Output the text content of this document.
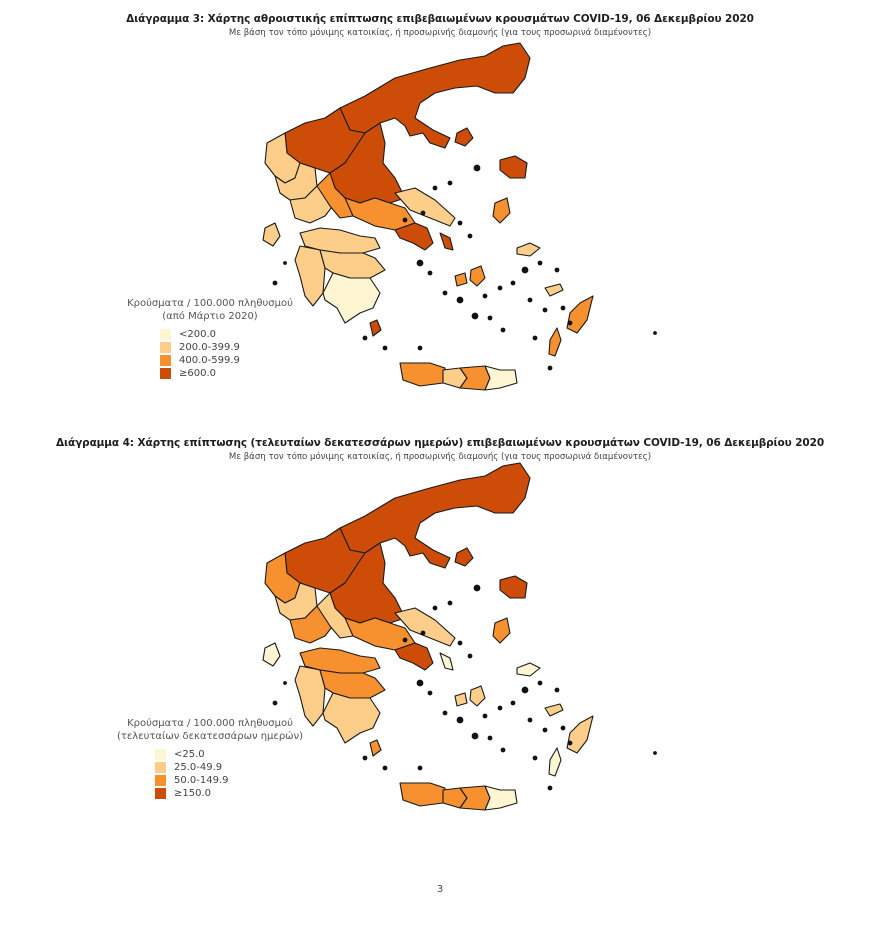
Διάγραμμα 3: Χάρτης αθροιστικής επίπτωσης επιβεβαιωμένων κρουσμάτων COVID-19, 06 Δεκεμβρίου 2020
Με βάση τον τόπο μόνιμης κατοικίας, ή προσωρινής διαμονής (για τους προσωρινά διαμένοντες)
Κρούσματα / 100.000 πληθυσμού
(από Μάρτιο 2020)
<200.0
200.0-399.9
400.0-599.9
≥600.0
Διάγραμμα 4: Χάρτης επίπτωσης (τελευταίων δεκατεσσάρων ημερών) επιβεβαιωμένων κρουσμάτων COVID-19, 06 Δεκεμβρίου 2020
Με βάση τον τόπο μόνιμης κατοικίας, ή προσωρινής διαμονής (για τους προσωρινά διαμένοντες)
Κρούσματα / 100.000 πληθυσμού
(τελευταίων δεκατεσσάρων ημερών)
<25.0
25.0-49.9
50.0-149.9
≥150.0
3
